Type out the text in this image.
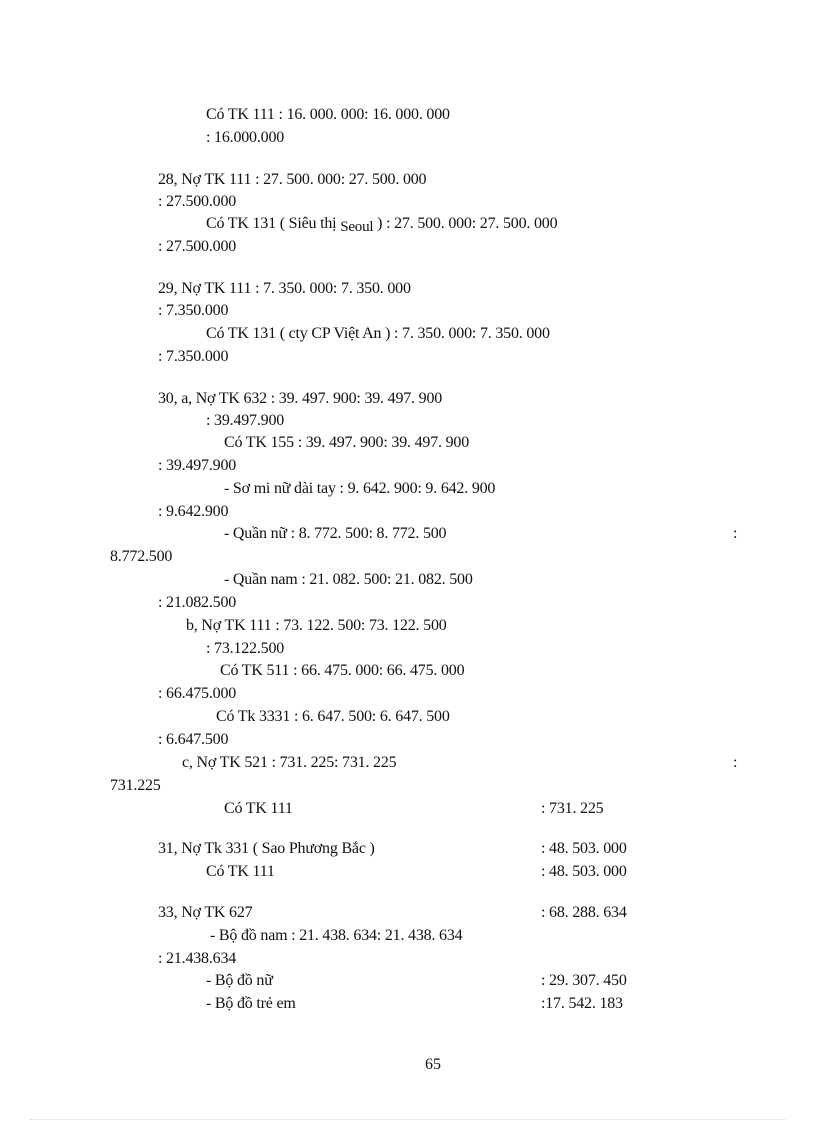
Có TK 111 : 16. 000. 000: 16. 000. 000
: 16.000.000
28, Nợ TK 111 : 27. 500. 000: 27. 500. 000
: 27.500.000
Có TK 131 ( Siêu thị Seoul ) : 27. 500. 000: 27. 500. 000
: 27.500.000
29, Nợ TK 111 : 7. 350. 000: 7. 350. 000
: 7.350.000
Có TK 131 ( cty CP Việt An ) : 7. 350. 000: 7. 350. 000
: 7.350.000
30, a, Nợ TK 632 : 39. 497. 900: 39. 497. 900
: 39.497.900
Có TK 155 : 39. 497. 900: 39. 497. 900
: 39.497.900
- Sơ mi nữ dài tay : 9. 642. 900: 9. 642. 900
: 9.642.900
- Quần nữ : 8. 772. 500: 8. 772. 500	:
8.772.500
- Quần nam : 21. 082. 500: 21. 082. 500
: 21.082.500
b, Nợ TK 111 : 73. 122. 500: 73. 122. 500
: 73.122.500
Có TK 511 : 66. 475. 000: 66. 475. 000
: 66.475.000
Có Tk 3331 : 6. 647. 500: 6. 647. 500
: 6.647.500
c, Nợ TK 521 : 731. 225: 731. 225	:
731.225
Có TK 111	: 731. 225
31, Nợ Tk 331 ( Sao Phương Bắc )	: 48. 503. 000
Có TK 111	: 48. 503. 000
33, Nợ TK 627	: 68. 288. 634
- Bộ đồ nam : 21. 438. 634: 21. 438. 634
: 21.438.634
- Bộ đồ nữ	: 29. 307. 450
- Bộ đồ trẻ em	:17. 542. 183
65
